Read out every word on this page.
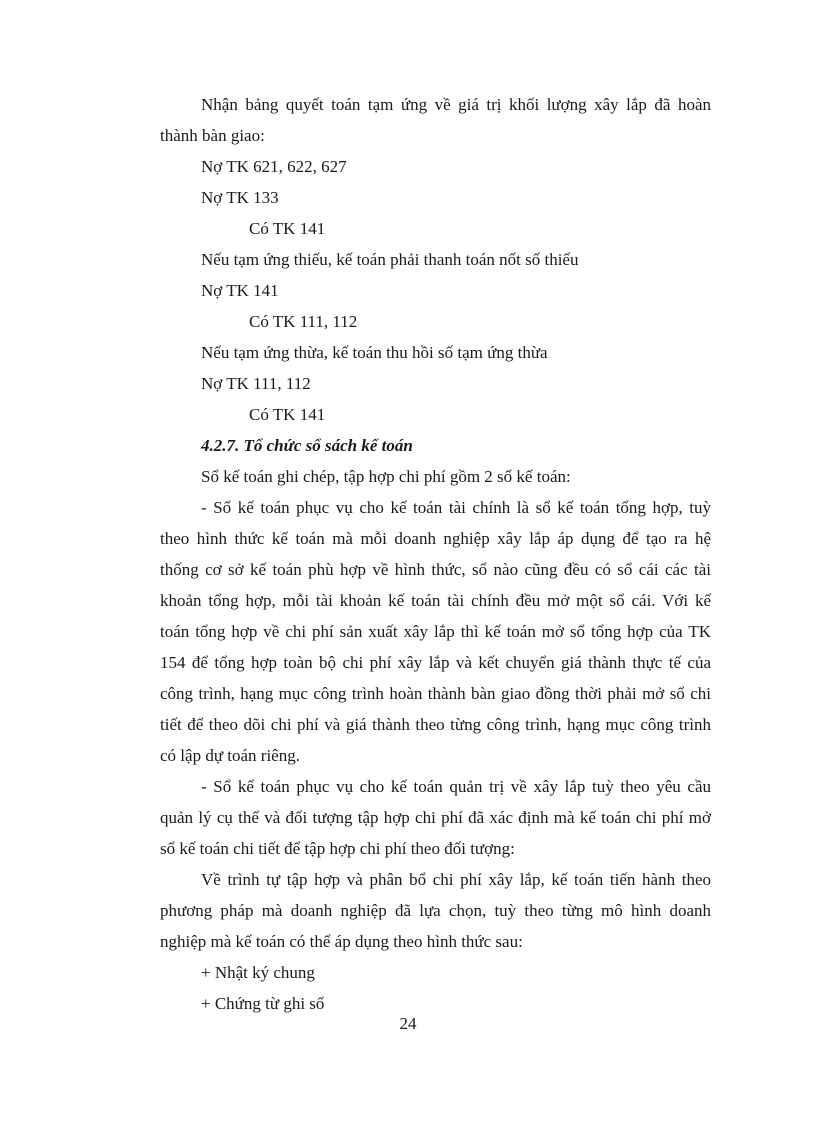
Nhận bảng quyết toán tạm ứng về giá trị khối lượng xây lắp đã hoàn
thành bàn giao:
Nợ TK 621, 622, 627
Nợ TK 133
Có TK 141
Nếu tạm ứng thiếu, kế toán phải thanh toán nốt số thiếu
Nợ TK 141
Có TK 111, 112
Nếu tạm ứng thừa, kế toán thu hồi số tạm ứng thừa
Nợ TK 111, 112
Có TK 141
4.2.7. Tổ chức sổ sách kế toán
Sổ kế toán ghi chép, tập hợp chi phí gồm 2 sổ kế toán:
- Sổ kế toán phục vụ cho kế toán tài chính là sổ kế toán tổng hợp, tuỳ
theo hình thức kế toán mà mỗi doanh nghiệp xây lắp áp dụng để tạo ra hệ
thống cơ sở kế toán phù hợp về hình thức, sổ nào cũng đều có sổ cái các tài
khoản tổng hợp, mỗi tài khoản kế toán tài chính đều mở một sổ cái. Với kế
toán tổng hợp về chi phí sản xuất xây lắp thì kế toán mở sổ tổng hợp của TK
154 để tổng hợp toàn bộ chi phí xây lắp và kết chuyển giá thành thực tế của
công trình, hạng mục công trình hoàn thành bàn giao đồng thời phải mở sổ chi
tiết để theo dõi chi phí và giá thành theo từng công trình, hạng mục công trình
có lập dự toán riêng.
- Sổ kế toán phục vụ cho kế toán quản trị về xây lắp tuỳ theo yêu cầu
quản lý cụ thể và đối tượng tập hợp chi phí đã xác định mà kế toán chi phí mở
sổ kế toán chi tiết để tập hợp chi phí theo đối tượng:
Về trình tự tập hợp và phân bổ chi phí xây lắp, kế toán tiến hành theo
phương pháp mà doanh nghiệp đã lựa chọn, tuỳ theo từng mô hình doanh
nghiệp mà kế toán có thể áp dụng theo hình thức sau:
+ Nhật ký chung
+ Chứng từ ghi sổ
24
